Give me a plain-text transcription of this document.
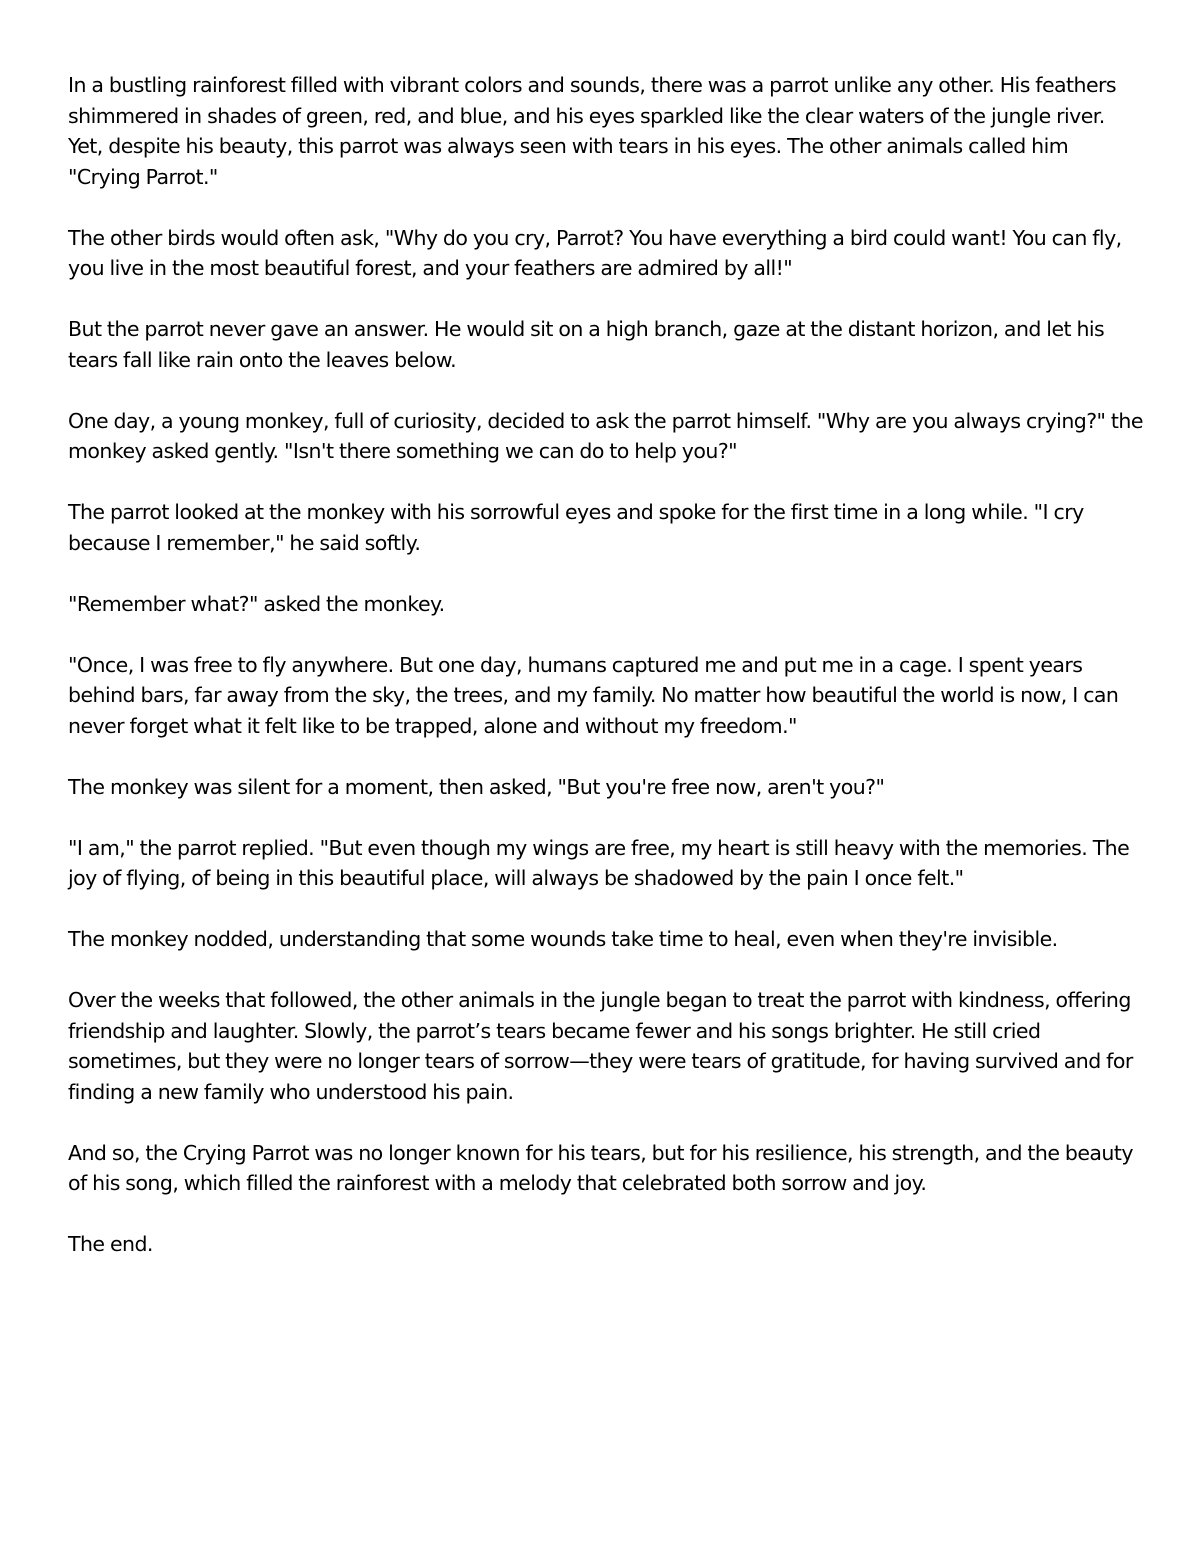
In a bustling rainforest filled with vibrant colors and sounds, there was a parrot unlike any other. His feathers shimmered in shades of green, red, and blue, and his eyes sparkled like the clear waters of the jungle river. Yet, despite his beauty, this parrot was always seen with tears in his eyes. The other animals called him "Crying Parrot."

The other birds would often ask, "Why do you cry, Parrot? You have everything a bird could want! You can fly, you live in the most beautiful forest, and your feathers are admired by all!"

But the parrot never gave an answer. He would sit on a high branch, gaze at the distant horizon, and let his tears fall like rain onto the leaves below.

One day, a young monkey, full of curiosity, decided to ask the parrot himself. "Why are you always crying?" the monkey asked gently. "Isn't there something we can do to help you?"

The parrot looked at the monkey with his sorrowful eyes and spoke for the first time in a long while. "I cry because I remember," he said softly.

"Remember what?" asked the monkey.

"Once, I was free to fly anywhere. But one day, humans captured me and put me in a cage. I spent years behind bars, far away from the sky, the trees, and my family. No matter how beautiful the world is now, I can never forget what it felt like to be trapped, alone and without my freedom."

The monkey was silent for a moment, then asked, "But you're free now, aren't you?"

"I am," the parrot replied. "But even though my wings are free, my heart is still heavy with the memories. The joy of flying, of being in this beautiful place, will always be shadowed by the pain I once felt."

The monkey nodded, understanding that some wounds take time to heal, even when they're invisible.

Over the weeks that followed, the other animals in the jungle began to treat the parrot with kindness, offering friendship and laughter. Slowly, the parrot’s tears became fewer and his songs brighter. He still cried sometimes, but they were no longer tears of sorrow—they were tears of gratitude, for having survived and for finding a new family who understood his pain.

And so, the Crying Parrot was no longer known for his tears, but for his resilience, his strength, and the beauty of his song, which filled the rainforest with a melody that celebrated both sorrow and joy.

The end.
